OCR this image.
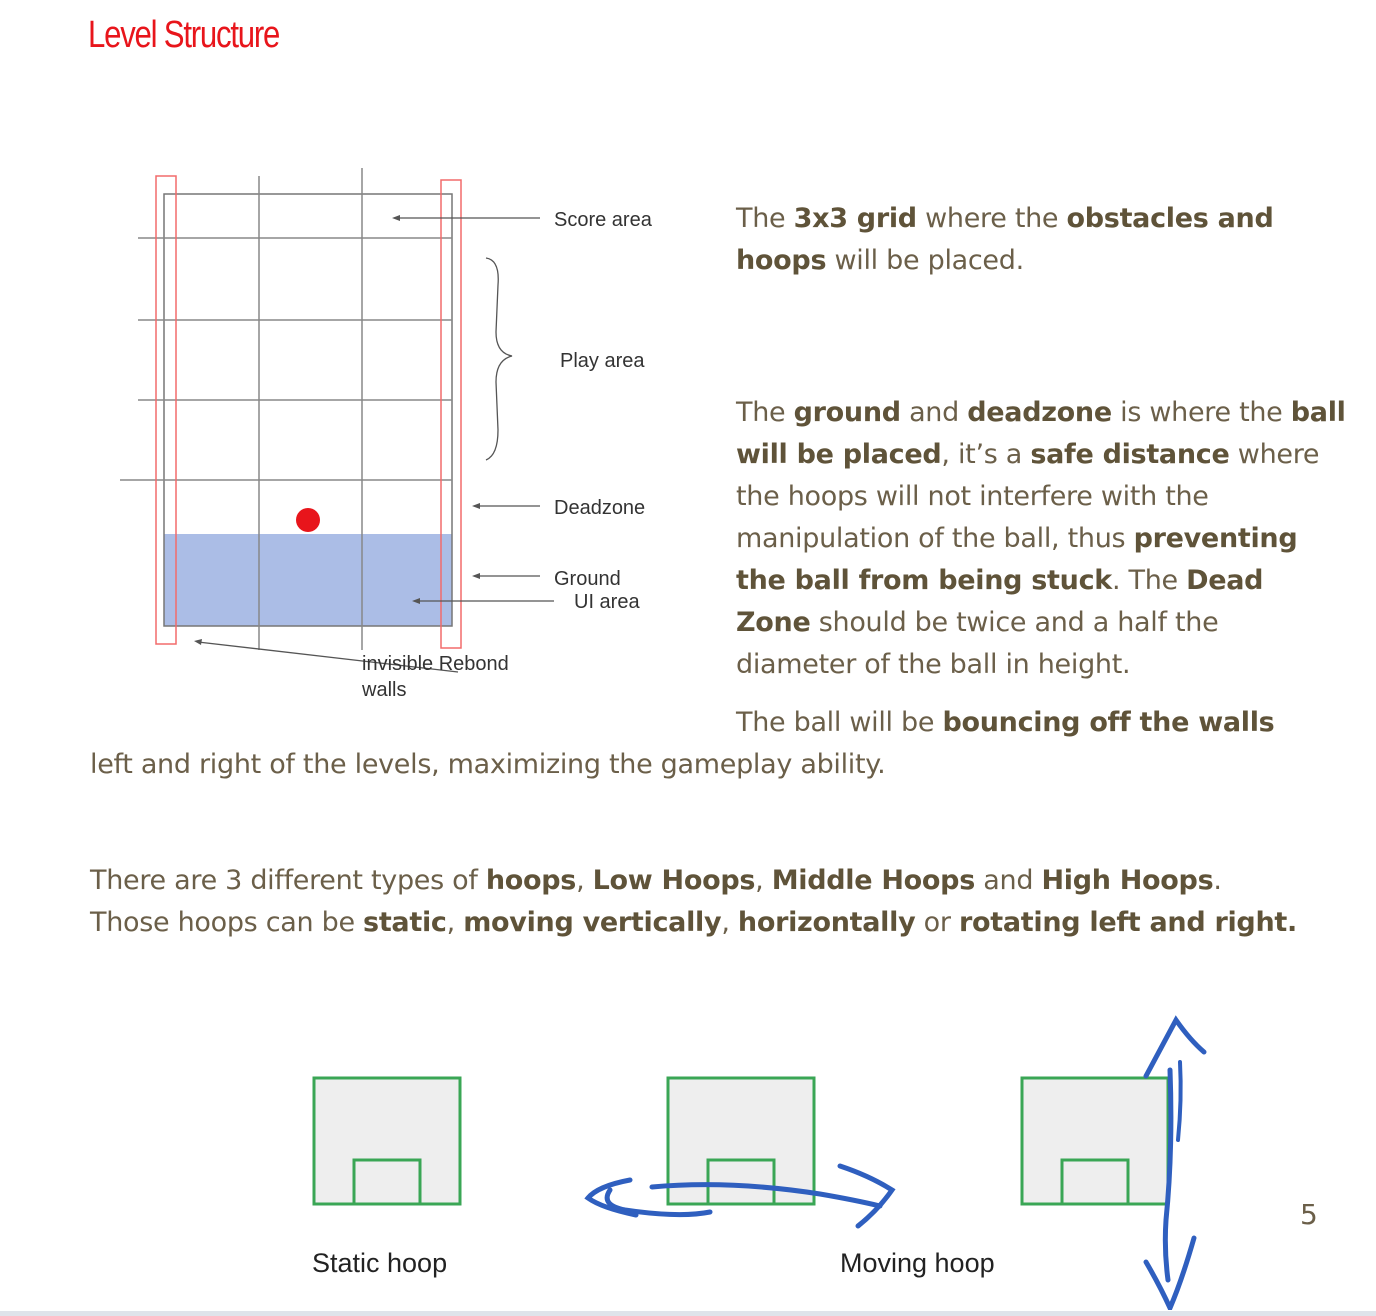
Level Structure
Score area
Play area
Deadzone
Ground
UI area
invisible Rebond
walls

The 3x3 grid where the obstacles and hoops will be placed.

The ground and deadzone is where the ball will be placed, it’s a safe distance where the hoops will not interfere with the manipulation of the ball, thus preventing the ball from being stuck. The Dead Zone should be twice and a half the diameter of the ball in height.

The ball will be bouncing off the walls

left and right of the levels, maximizing the gameplay ability.

There are 3 different types of hoops, Low Hoops, Middle Hoops and High Hoops.

Those hoops can be static, moving vertically, horizontally or rotating left and right.

Static hoop	Moving hoop
5
